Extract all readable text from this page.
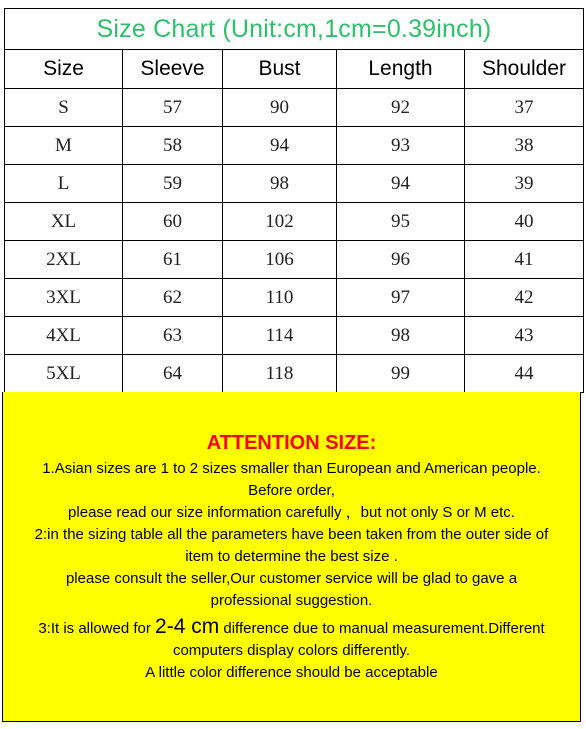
Size Chart (Unit:cm,1cm=0.39inch)				
Size	Sleeve	Bust	Length	Shoulder
S	57	90	92	37
M	58	94	93	38
L	59	98	94	39
XL	60	102	95	40
2XL	61	106	96	41
3XL	62	110	97	42
4XL	63	114	98	43
5XL	64	118	99	44
ATTENTION SIZE:

1.Asian sizes are 1 to 2 sizes smaller than European and American people.

Before order,

please read our size information carefully ，but not only S or M etc.

2:in the sizing table all the parameters have been taken from the outer side of

item to determine the best size .

please consult the seller,Our customer service will be glad to gave a

professional suggestion.

3:It is allowed for 2-4 cm difference due to manual measurement.Different

computers display colors differently.

A little color difference should be acceptable
